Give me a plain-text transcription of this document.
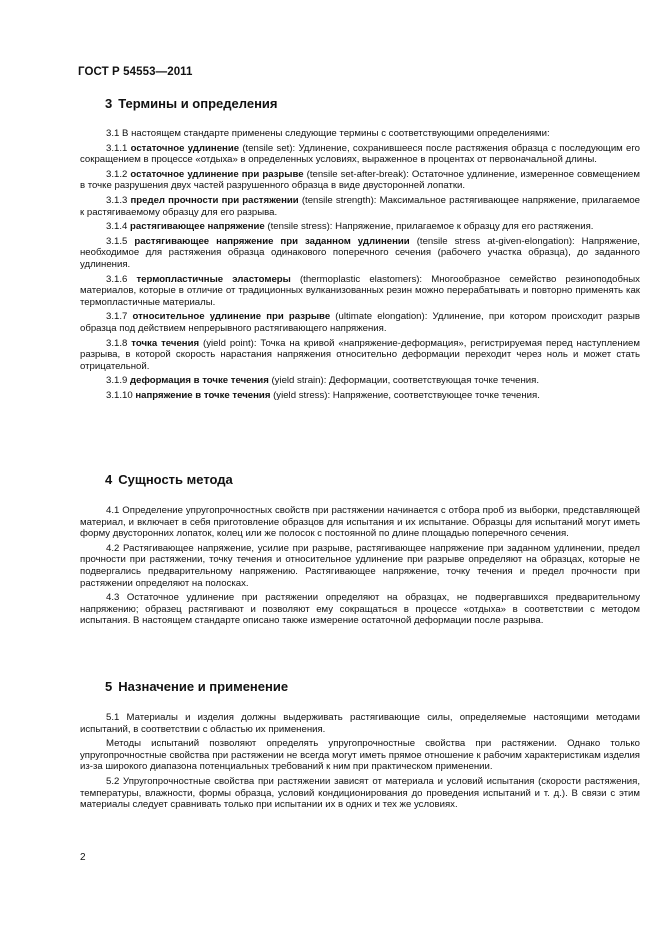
ГОСТ Р 54553—2011
3 Термины и определения

3.1 В настоящем стандарте применены следующие термины с соответствующими определениями:

3.1.1 остаточное удлинение (tensile set): Удлинение, сохранившееся после растяжения образца с последующим его сокращением в процессе «отдыха» в определенных условиях, выраженное в процентах от первоначальной длины.

3.1.2 остаточное удлинение при разрыве (tensile set-after-break): Остаточное удлинение, измеренное совмещением в точке разрушения двух частей разрушенного образца в виде двусторонней лопатки.

3.1.3 предел прочности при растяжении (tensile strength): Максимальное растягивающее напряжение, прилагаемое к растягиваемому образцу для его разрыва.

3.1.4 растягивающее напряжение (tensile stress): Напряжение, прилагаемое к образцу для его растяжения.

3.1.5 растягивающее напряжение при заданном удлинении (tensile stress at-given-elongation): Напряжение, необходимое для растяжения образца одинакового поперечного сечения (рабочего участка образца), до заданного удлинения.

3.1.6 термопластичные эластомеры (thermoplastic elastomers): Многообразное семейство резиноподобных материалов, которые в отличие от традиционных вулканизованных резин можно перерабатывать и повторно применять как термопластичные материалы.

3.1.7 относительное удлинение при разрыве (ultimate elongation): Удлинение, при котором происходит разрыв образца под действием непрерывного растягивающего напряжения.

3.1.8 точка течения (yield point): Точка на кривой «напряжение-деформация», регистрируемая перед наступлением разрыва, в которой скорость нарастания напряжения относительно деформации переходит через ноль и может стать отрицательной.

3.1.9 деформация в точке течения (yield strain): Деформации, соответствующая точке течения.

3.1.10 напряжение в точке течения (yield stress): Напряжение, соответствующее точке течения.

4 Сущность метода

4.1 Определение упругопрочностных свойств при растяжении начинается с отбора проб из выборки, представляющей материал, и включает в себя приготовление образцов для испытания и их испытание. Образцы для испытаний могут иметь форму двусторонних лопаток, колец или же полосок с постоянной по длине площадью поперечного сечения.

4.2 Растягивающее напряжение, усилие при разрыве, растягивающее напряжение при заданном удлинении, предел прочности при растяжении, точку течения и относительное удлинение при разрыве определяют на образцах, которые не подвергались предварительному напряжению. Растягивающее напряжение, точку течения и предел прочности при растяжении определяют на полосках.

4.3 Остаточное удлинение при растяжении определяют на образцах, не подвергавшихся предварительному напряжению; образец растягивают и позволяют ему сокращаться в процессе «отдыха» в соответствии с методом испытания. В настоящем стандарте описано также измерение остаточной деформации после разрыва.

5 Назначение и применение

5.1 Материалы и изделия должны выдерживать растягивающие силы, определяемые настоящими методами испытаний, в соответствии с областью их применения.

Методы испытаний позволяют определять упругопрочностные свойства при растяжении. Однако только упругопрочностные свойства при растяжении не всегда могут иметь прямое отношение к рабочим характеристикам изделия из-за широкого диапазона потенциальных требований к ним при практическом применении.

5.2 Упругопрочностные свойства при растяжении зависят от материала и условий испытания (скорости растяжения, температуры, влажности, формы образца, условий кондиционирования до проведения испытаний и т. д.). В связи с этим материалы следует сравнивать только при испытании их в одних и тех же условиях.

2
